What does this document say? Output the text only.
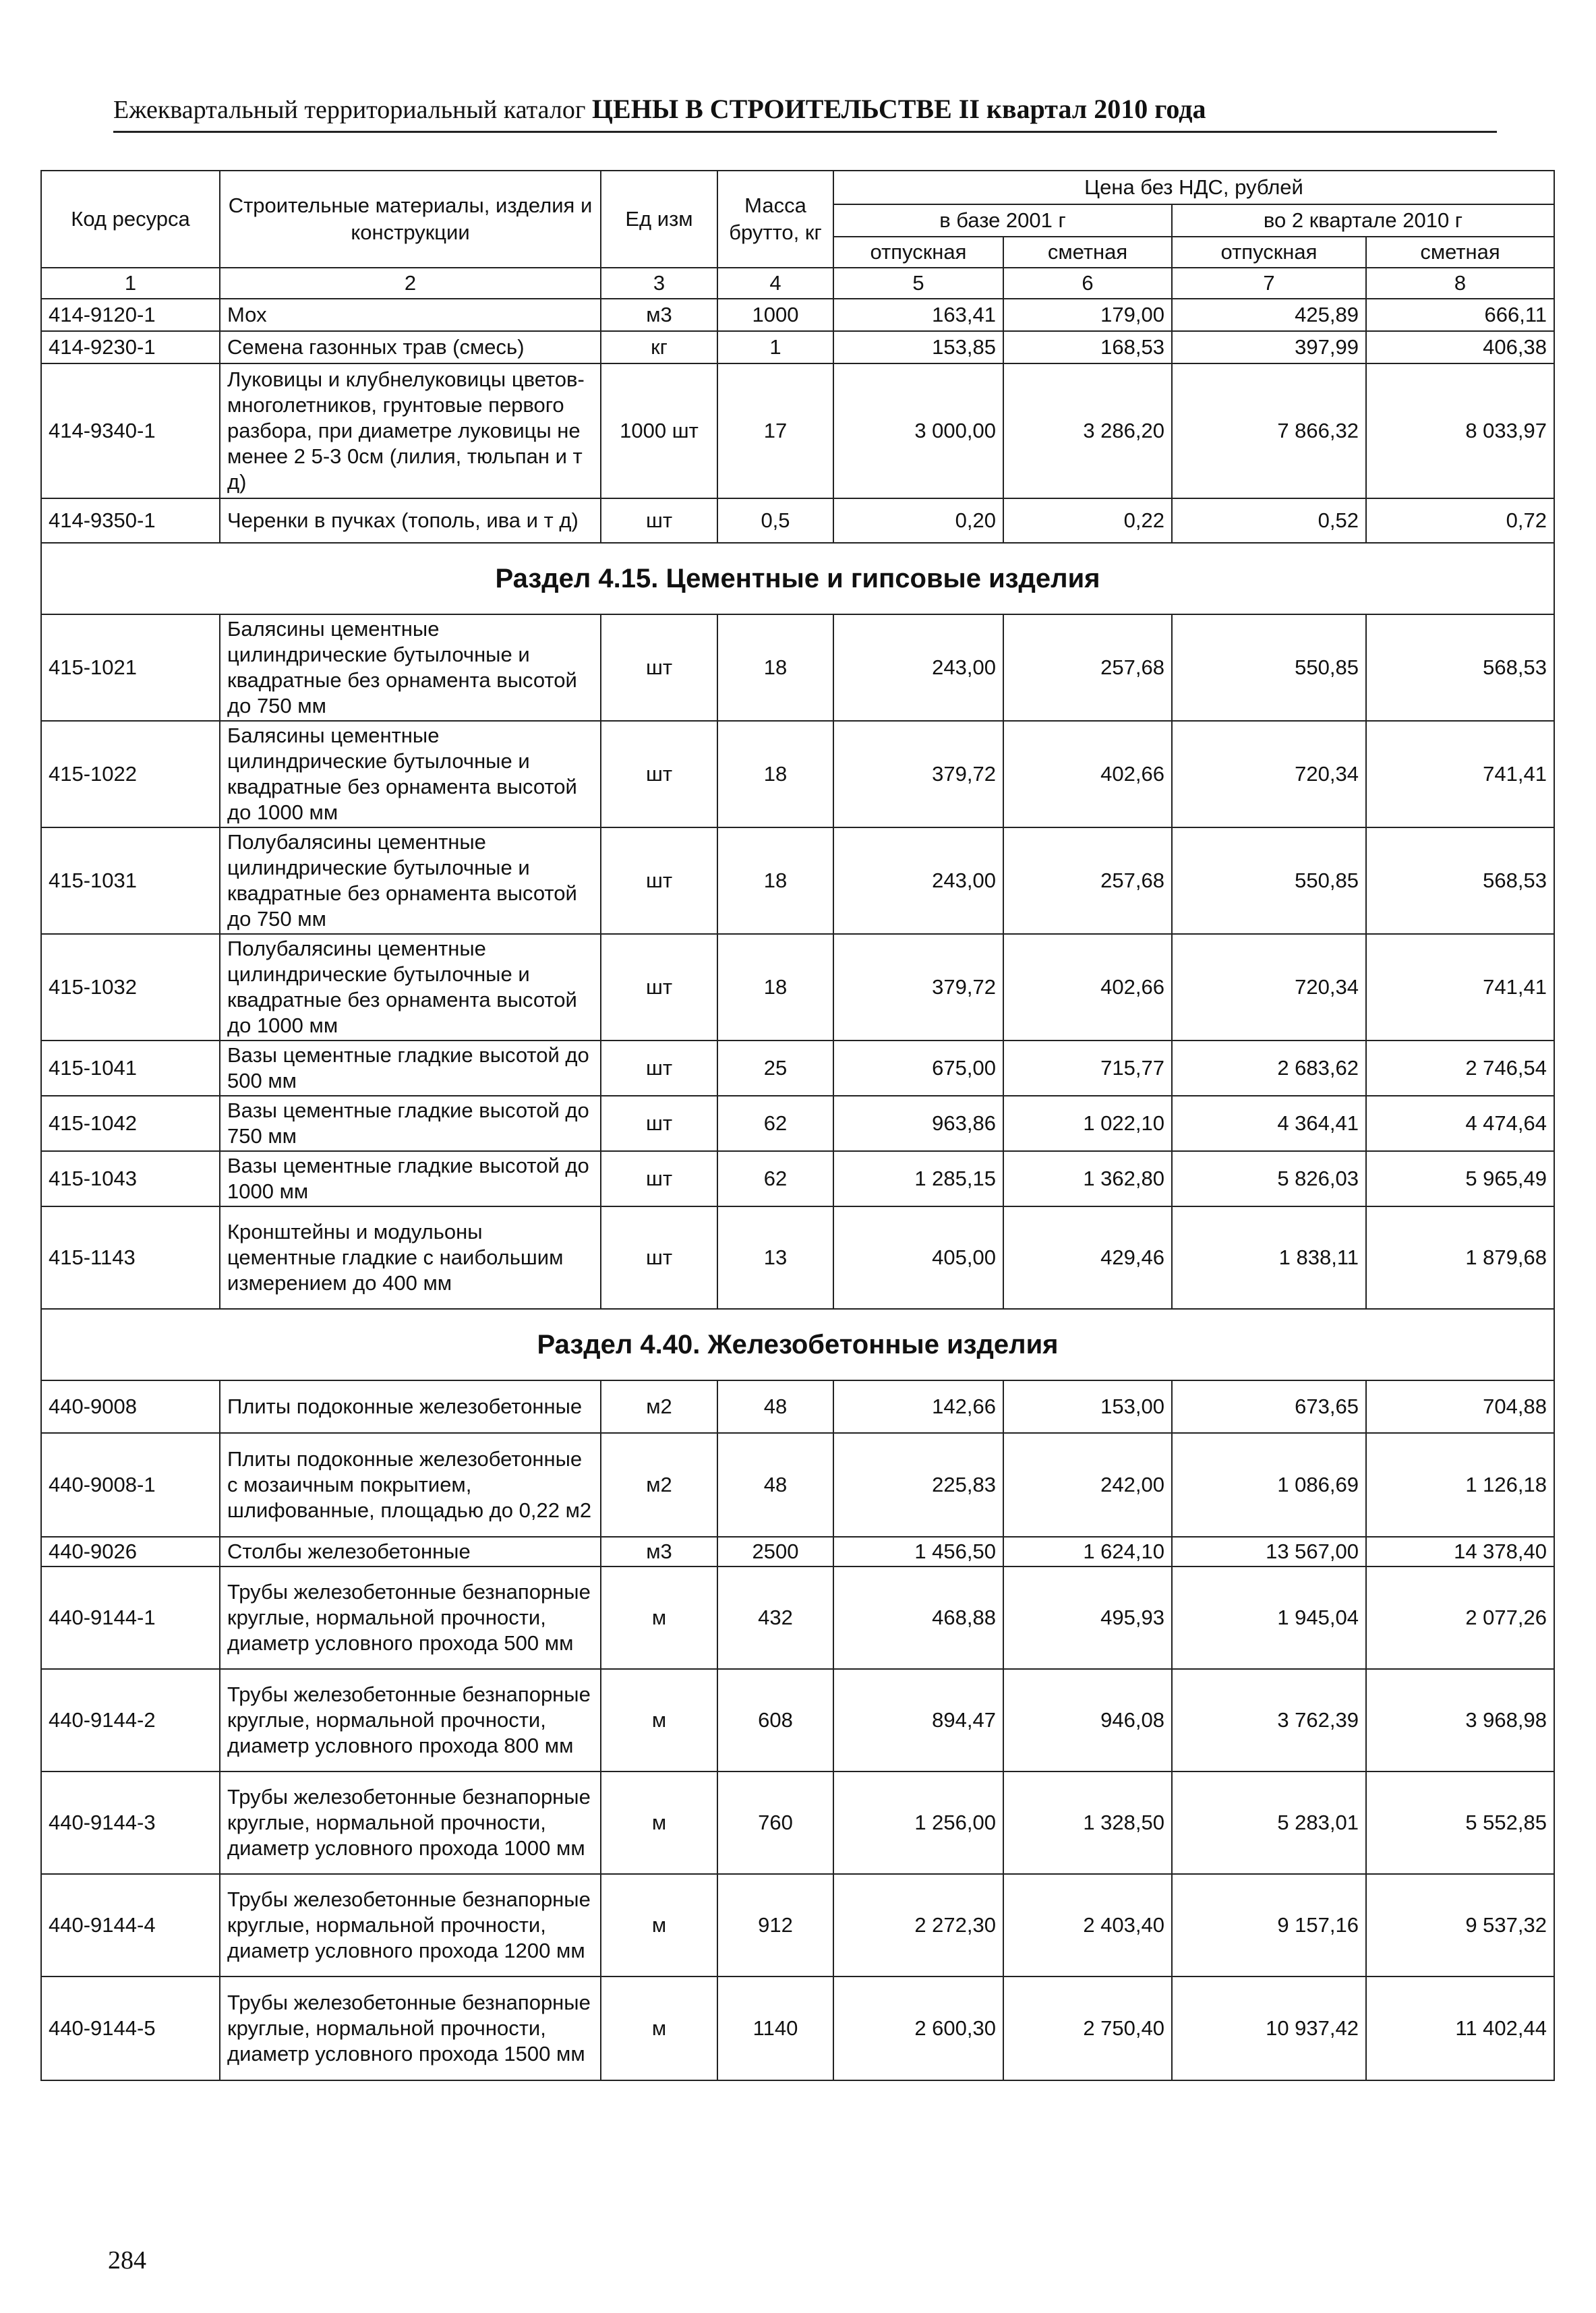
Ежеквартальный территориальный каталог ЦЕНЫ В СТРОИТЕЛЬСТВЕ II квартал 2010 года
Код ресурса	Строительные материалы, изделия и конструкции	Ед изм	Масса брутто, кг	Цена без НДС, рублей			
				в базе 2001 г		во 2 квартале 2010 г	
				отпускная	сметная	отпускная	сметная
1	2	3	4	5	6	7	8
414-9120-1	Мох	м3	1000	163,41	179,00	425,89	666,11
414-9230-1	Семена газонных трав (смесь)	кг	1	153,85	168,53	397,99	406,38
414-9340-1	Луковицы и клубнелуковицы цветов-многолетников, грунтовые первого разбора, при диаметре луковицы не менее 2 5-3 0см (лилия, тюльпан и т д)	1000 шт	17	3 000,00	3 286,20	7 866,32	8 033,97
414-9350-1	Черенки в пучках (тополь, ива и т д)	шт	0,5	0,20	0,22	0,52	0,72
Раздел 4.15. Цементные и гипсовые изделия							
415-1021	Балясины цементные цилиндрические бутылочные и квадратные без орнамента высотой до 750 мм	шт	18	243,00	257,68	550,85	568,53
415-1022	Балясины цементные цилиндрические бутылочные и квадратные без орнамента высотой до 1000 мм	шт	18	379,72	402,66	720,34	741,41
415-1031	Полубалясины цементные цилиндрические бутылочные и квадратные без орнамента высотой до 750 мм	шт	18	243,00	257,68	550,85	568,53
415-1032	Полубалясины цементные цилиндрические бутылочные и квадратные без орнамента высотой до 1000 мм	шт	18	379,72	402,66	720,34	741,41
415-1041	Вазы цементные гладкие высотой до 500 мм	шт	25	675,00	715,77	2 683,62	2 746,54
415-1042	Вазы цементные гладкие высотой до 750 мм	шт	62	963,86	1 022,10	4 364,41	4 474,64
415-1043	Вазы цементные гладкие высотой до 1000 мм	шт	62	1 285,15	1 362,80	5 826,03	5 965,49
415-1143	Кронштейны и модульоны цементные гладкие с наибольшим измерением до 400 мм	шт	13	405,00	429,46	1 838,11	1 879,68
Раздел 4.40. Железобетонные изделия							
440-9008	Плиты подоконные железобетонные	м2	48	142,66	153,00	673,65	704,88
440-9008-1	Плиты подоконные железобетонные с мозаичным покрытием, шлифованные, площадью до 0,22 м2	м2	48	225,83	242,00	1 086,69	1 126,18
440-9026	Столбы железобетонные	м3	2500	1 456,50	1 624,10	13 567,00	14 378,40
440-9144-1	Трубы железобетонные безнапорные круглые, нормальной прочности, диаметр условного прохода 500 мм	м	432	468,88	495,93	1 945,04	2 077,26
440-9144-2	Трубы железобетонные безнапорные круглые, нормальной прочности, диаметр условного прохода 800 мм	м	608	894,47	946,08	3 762,39	3 968,98
440-9144-3	Трубы железобетонные безнапорные круглые, нормальной прочности, диаметр условного прохода 1000 мм	м	760	1 256,00	1 328,50	5 283,01	5 552,85
440-9144-4	Трубы железобетонные безнапорные круглые, нормальной прочности, диаметр условного прохода 1200 мм	м	912	2 272,30	2 403,40	9 157,16	9 537,32
440-9144-5	Трубы железобетонные безнапорные круглые, нормальной прочности, диаметр условного прохода 1500 мм	м	1140	2 600,30	2 750,40	10 937,42	11 402,44
284
